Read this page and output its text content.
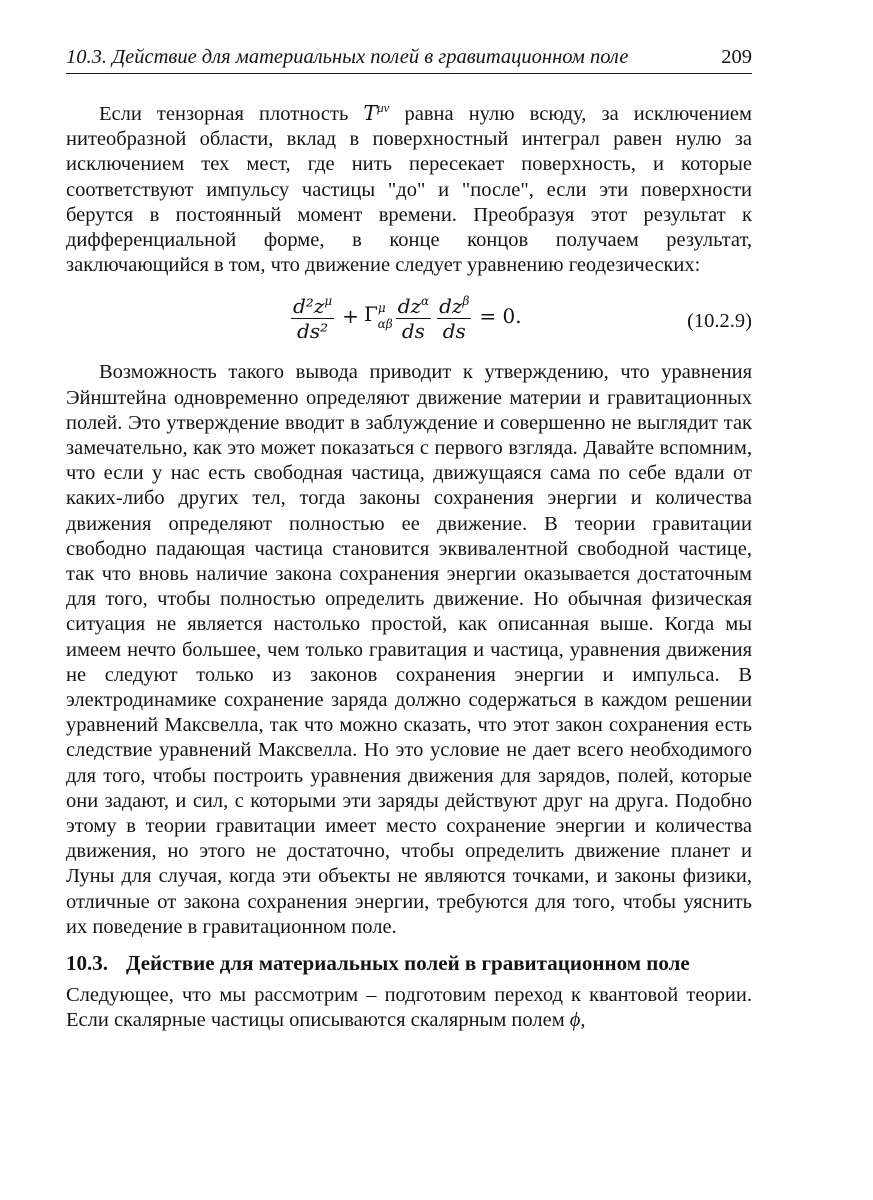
10.3. Действие для материальных полей в гравитационном поле	209

Если тензорная плотность $T^{\mu\nu}$ равна нулю всюду, за исключением нитеобразной области, вклад в поверхностный интеграл равен нулю за исключением тех мест, где нить пересекает поверхность, и которые соответствуют импульсу частицы "до" и "после", если эти поверхности берутся в постоянный момент времени. Преобразуя этот результат к дифференциальной форме, в конце концов получаем результат, заключающийся в том, что движение следует уравнению геодезических:

$\frac{d^2z^\mu}{\text{ds²}} + \Gamma^\mu_{\alpha\beta} \frac{dz^\alpha}{ds} \frac{dz^\beta}{ds} = 0$.	(10.2.9)

Возможность такого вывода приводит к утверждению, что уравнения Эйнштейна одновременно определяют движение материи и гравитационных полей. Это утверждение вводит в заблуждение и совершенно не выглядит так замечательно, как это может показаться с первого взгляда. Давайте вспомним, что если у нас есть свободная частица, движущаяся сама по себе вдали от каких-либо других тел, тогда законы сохранения энергии и количества движения определяют полностью ее движение. В теории гравитации свободно падающая частица становится эквивалентной свободной частице, так что вновь наличие закона сохранения энергии оказывается достаточным для того, чтобы полностью определить движение. Но обычная физическая ситуация не является настолько простой, как описанная выше. Когда мы имеем нечто большее, чем только гравитация и частица, уравнения движения не следуют только из законов сохранения энергии и импульса. В электродинамике сохранение заряда должно содержаться в каждом решении уравнений Максвелла, так что можно сказать, что этот закон сохранения есть следствие уравнений Максвелла. Но это условие не дает всего необходимого для того, чтобы построить уравнения движения для зарядов, полей, которые они задают, и сил, с которыми эти заряды действуют друг на друга. Подобно этому в теории гравитации имеет место сохранение энергии и количества движения, но этого не достаточно, чтобы определить движение планет и Луны для случая, когда эти объекты не являются точками, и законы физики, отличные от закона сохранения энергии, требуются для того, чтобы уяснить их поведение в гравитационном поле.

10.3. Действие для материальных полей в гравитационном поле

Следующее, что мы рассмотрим – подготовим переход к квантовой теории. Если скалярные частицы описываются скалярным полем ϕ,
